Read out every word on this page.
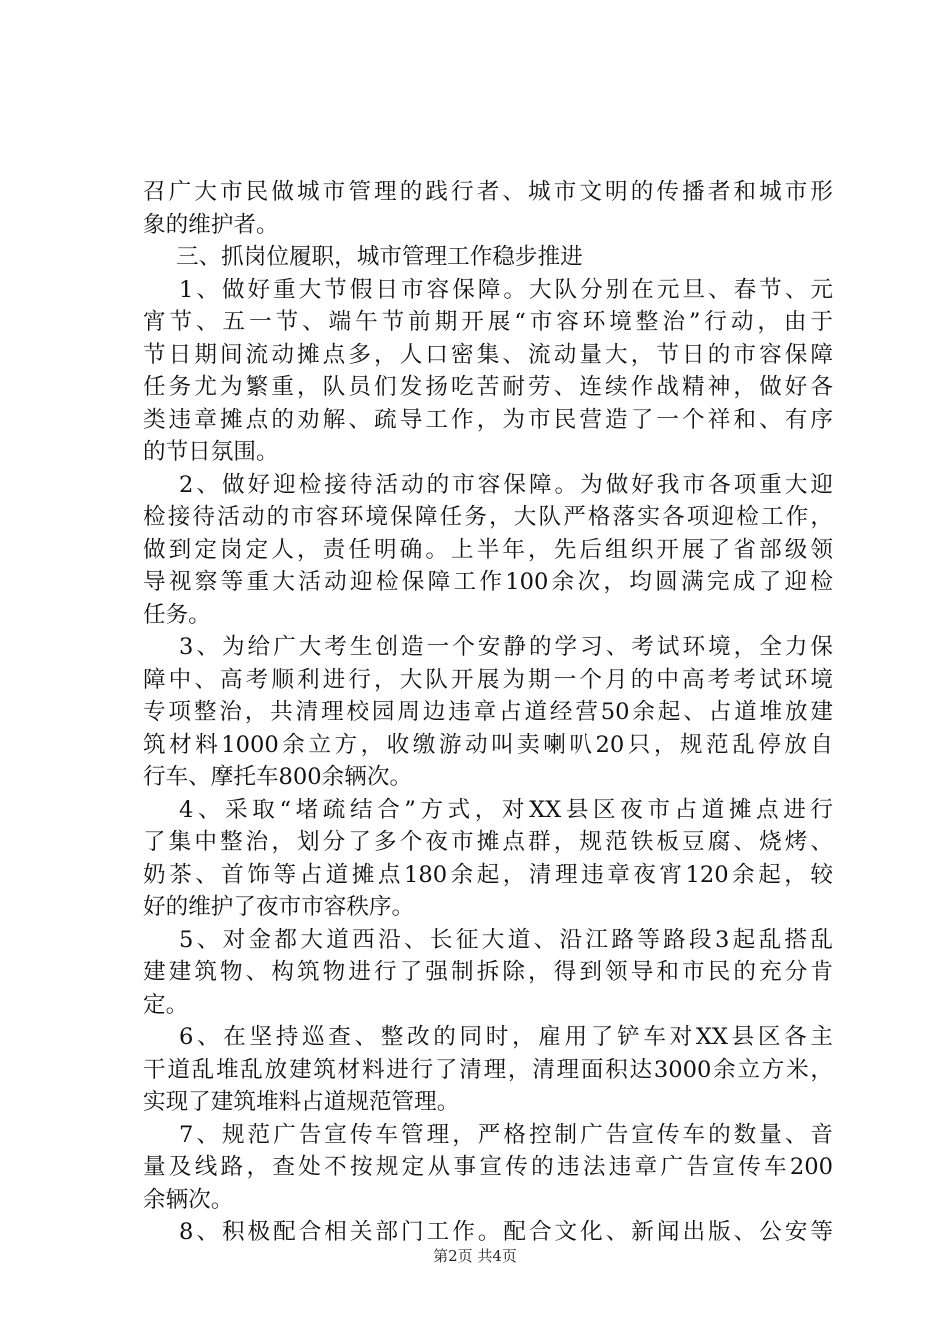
召广大市民做城市管理的践行者、城市文明的传播者和城市形
象的维护者。
三、抓岗位履职，城市管理工作稳步推进
1、做好重大节假日市容保障。大队分别在元旦、春节、元
宵节、五一节、端午节前期开展“市容环境整治”行动，由于
节日期间流动摊点多，人口密集、流动量大，节日的市容保障
任务尤为繁重，队员们发扬吃苦耐劳、连续作战精神，做好各
类违章摊点的劝解、疏导工作，为市民营造了一个祥和、有序
的节日氛围。
2、做好迎检接待活动的市容保障。为做好我市各项重大迎
检接待活动的市容环境保障任务，大队严格落实各项迎检工作，
做到定岗定人，责任明确。上半年，先后组织开展了省部级领
导视察等重大活动迎检保障工作100余次，均圆满完成了迎检
任务。
3、为给广大考生创造一个安静的学习、考试环境，全力保
障中、高考顺利进行，大队开展为期一个月的中高考考试环境
专项整治，共清理校园周边违章占道经营50余起、占道堆放建
筑材料1000余立方，收缴游动叫卖喇叭20只，规范乱停放自
行车、摩托车800余辆次。
4、采取“堵疏结合”方式，对XX县区夜市占道摊点进行
了集中整治，划分了多个夜市摊点群，规范铁板豆腐、烧烤、
奶茶、首饰等占道摊点180余起，清理违章夜宵120余起，较
好的维护了夜市市容秩序。
5、对金都大道西沿、长征大道、沿江路等路段3起乱搭乱
建建筑物、构筑物进行了强制拆除，得到领导和市民的充分肯
定。
6、在坚持巡查、整改的同时，雇用了铲车对XX县区各主
干道乱堆乱放建筑材料进行了清理，清理面积达3000余立方米，
实现了建筑堆料占道规范管理。
7、规范广告宣传车管理，严格控制广告宣传车的数量、音
量及线路，查处不按规定从事宣传的违法违章广告宣传车200
余辆次。
8、积极配合相关部门工作。配合文化、新闻出版、公安等
第2页 共4页
